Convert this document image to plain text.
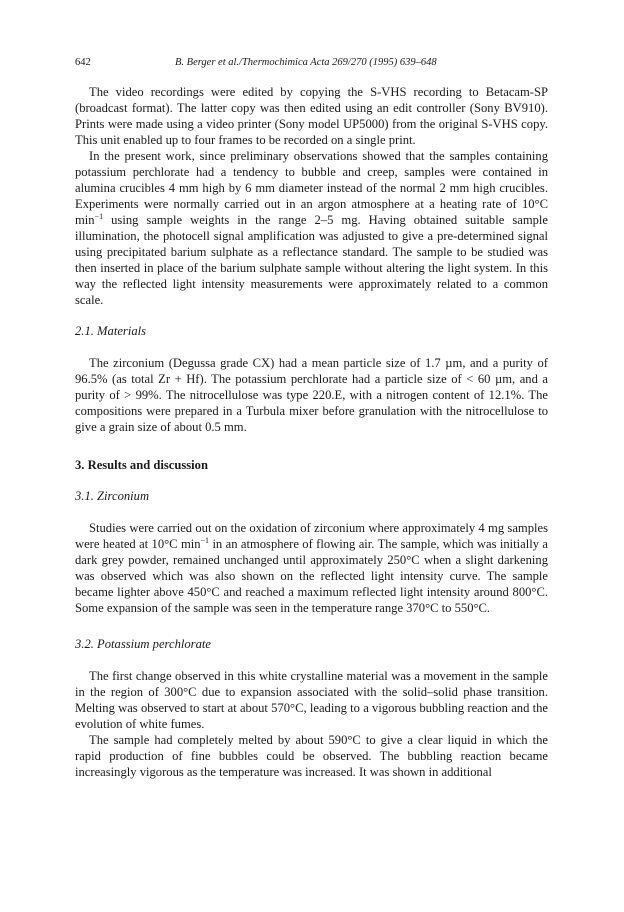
642	B. Berger et al./Thermochimica Acta 269/270 (1995) 639–648

The video recordings were edited by copying the S-VHS recording to Betacam-SP (broadcast format). The latter copy was then edited using an edit controller (Sony BV910). Prints were made using a video printer (Sony model UP5000) from the original S-VHS copy. This unit enabled up to four frames to be recorded on a single print.

In the present work, since preliminary observations showed that the samples containing potassium perchlorate had a tendency to bubble and creep, samples were contained in alumina crucibles 4 mm high by 6 mm diameter instead of the normal 2 mm high crucibles. Experiments were normally carried out in an argon atmosphere at a heating rate of 10°C $\min^{-1} using$ sample weights in the range 2–5 mg. Having obtained suitable sample illumination, the photocell signal amplification was adjusted to give a pre-determined signal using precipitated barium sulphate as a reflectance standard. The sample to be studied was then inserted in place of the barium sulphate sample without altering the light system. In this way the reflected light intensity measurements were approximately related to a common scale.

2.1. Materials

The zirconium (Degussa grade CX) had a mean particle size of 1.7 µm, and a purity of 96.5% (as total Zr + Hf). The potassium perchlorate had a particle size of < 60 µm, and a purity of > 99%. The nitrocellulose was type 220.E, with a nitrogen content of 12.1%. The compositions were prepared in a Turbula mixer before granulation with the nitrocellulose to give a grain size of about 0.5 mm.

3. Results and discussion
3.1. Zirconium

Studies were carried out on the oxidation of zirconium where approximately 4 mg samples were heated at 10°C $\min^{-1}$ in an atmosphere of flowing air. The sample, which was initially a dark grey powder, remained unchanged until approximately 250°C when a slight darkening was observed which was also shown on the reflected light intensity curve. The sample became lighter above 450°C and reached a maximum reflected light intensity around 800°C. Some expansion of the sample was seen in the temperature range 370°C to 550°C.

3.2. Potassium perchlorate

The first change observed in this white crystalline material was a movement in the sample in the region of 300°C due to expansion associated with the solid–solid phase transition. Melting was observed to start at about 570°C, leading to a vigorous bubbling reaction and the evolution of white fumes.

The sample had completely melted by about 590°C to give a clear liquid in which the rapid production of fine bubbles could be observed. The bubbling reaction became increasingly vigorous as the temperature was increased. It was shown in additional
